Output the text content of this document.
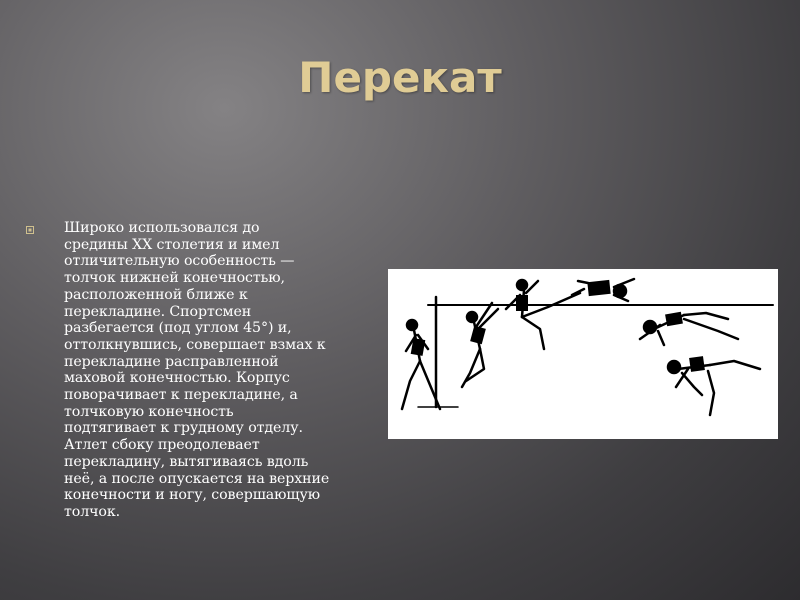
Перекат
Широко использовался до
средины XX столетия и имел
отличительную особенность —
толчок нижней конечностью,
расположенной ближе к
перекладине. Спортсмен
разбегается (под углом 45°) и,
оттолкнувшись, совершает взмах к
перекладине расправленной
маховой конечностью. Корпус
поворачивает к перекладине, а
толчковую конечность
подтягивает к грудному отделу.
Атлет сбоку преодолевает
перекладину, вытягиваясь вдоль
неё, а после опускается на верхние
конечности и ногу, совершающую
толчок.
